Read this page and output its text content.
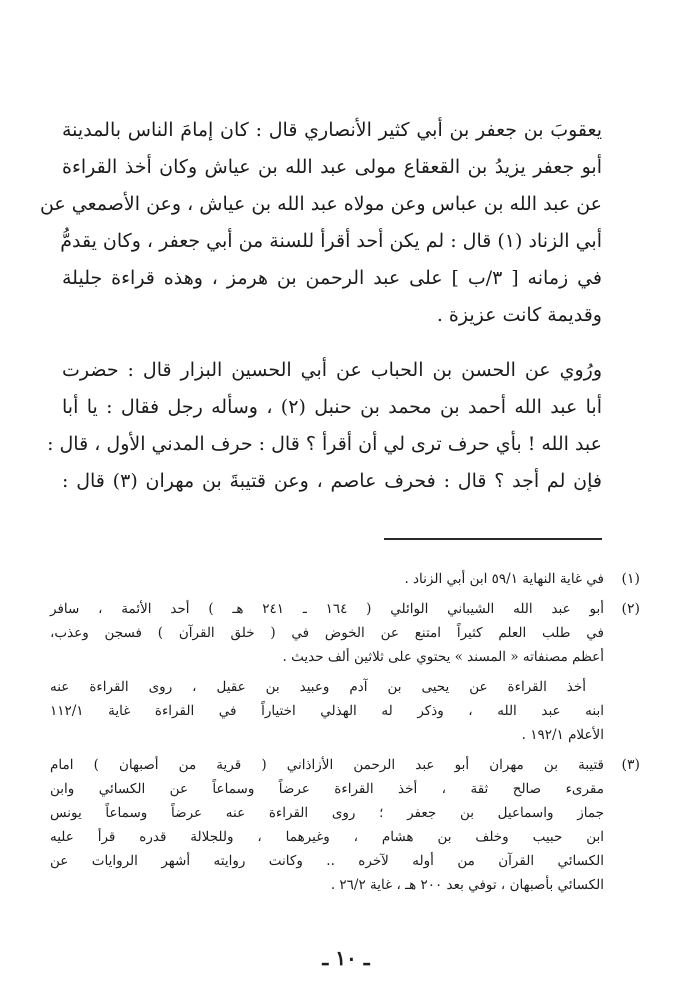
يعقوبَ بن جعفر بن أبي كثير الأنصاري قال : كان إمامَ الناس بالمدينة
أبو جعفر يزيدُ بن القعقاع مولى عبد الله بن عياش وكان أخذ القراءة
عن عبد الله بن عباس وعن مولاه عبد الله بن عياش ، وعن الأصمعي عن
أبي الزناد (١) قال : لم يكن أحد أقرأ للسنة من أبي جعفر ، وكان يقدمُّ
في زمانه [ ٣/ب ] على عبد الرحمن بن هرمز ، وهذه قراءة جليلة
وقديمة كانت عزيزة .

ورُوي عن الحسن بن الحباب عن أبي الحسين البزار قال : حضرت
أبا عبد الله أحمد بن محمد بن حنبل (٢) ، وسأله رجل فقال : يا أبا
عبد الله ! بأي حرف ترى لي أن أقرأ ؟ قال : حرف المدني الأول ، قال :
فإن لم أجد ؟ قال : فحرف عاصم ، وعن قتيبةَ بن مهران (٣) قال :

(١)
في غاية النهاية ٥٩/١ ابن أبي الزناد .
(٢)
أبو عبد الله الشيباني الوائلي ( ١٦٤ ـ ٢٤١ هـ ) أحد الأئمة ، سافر
في طلب العلم كثيراً امتنع عن الخوض في ( خلق القرآن ) فسجن وعذب،
أعظم مصنفاته « المسند » يحتوي على ثلاثين ألف حديث .
أخذ القراءة عن يحيى بن آدم وعبيد بن عقيل ، روى القراءة عنه
ابنه عبد الله ، وذكر له الهذلي اختياراً في القراءة غاية ١١٢/١
الأعلام ١٩٢/١ .
(٣)
قتيبة بن مهران أبو عبد الرحمن الأزاذاني ( قرية من أصبهان ) امام
مقرىء صالح ثقة ، أخذ القراءة عرضاً وسماعاً عن الكسائي وابن
جماز واسماعيل بن جعفر ؛ روى القراءة عنه عرضاً وسماعاً يونس
ابن حبيب وخلف بن هشام ، وغيرهما ، وللجلالة قدره قرأ عليه
الكسائي القرآن من أوله لآخره .. وكانت روايته أشهر الروايات عن
الكسائي بأصبهان ، توفي بعد ٢٠٠ هـ ، غاية ٢٦/٢ .
ـ ١٠ ـ
